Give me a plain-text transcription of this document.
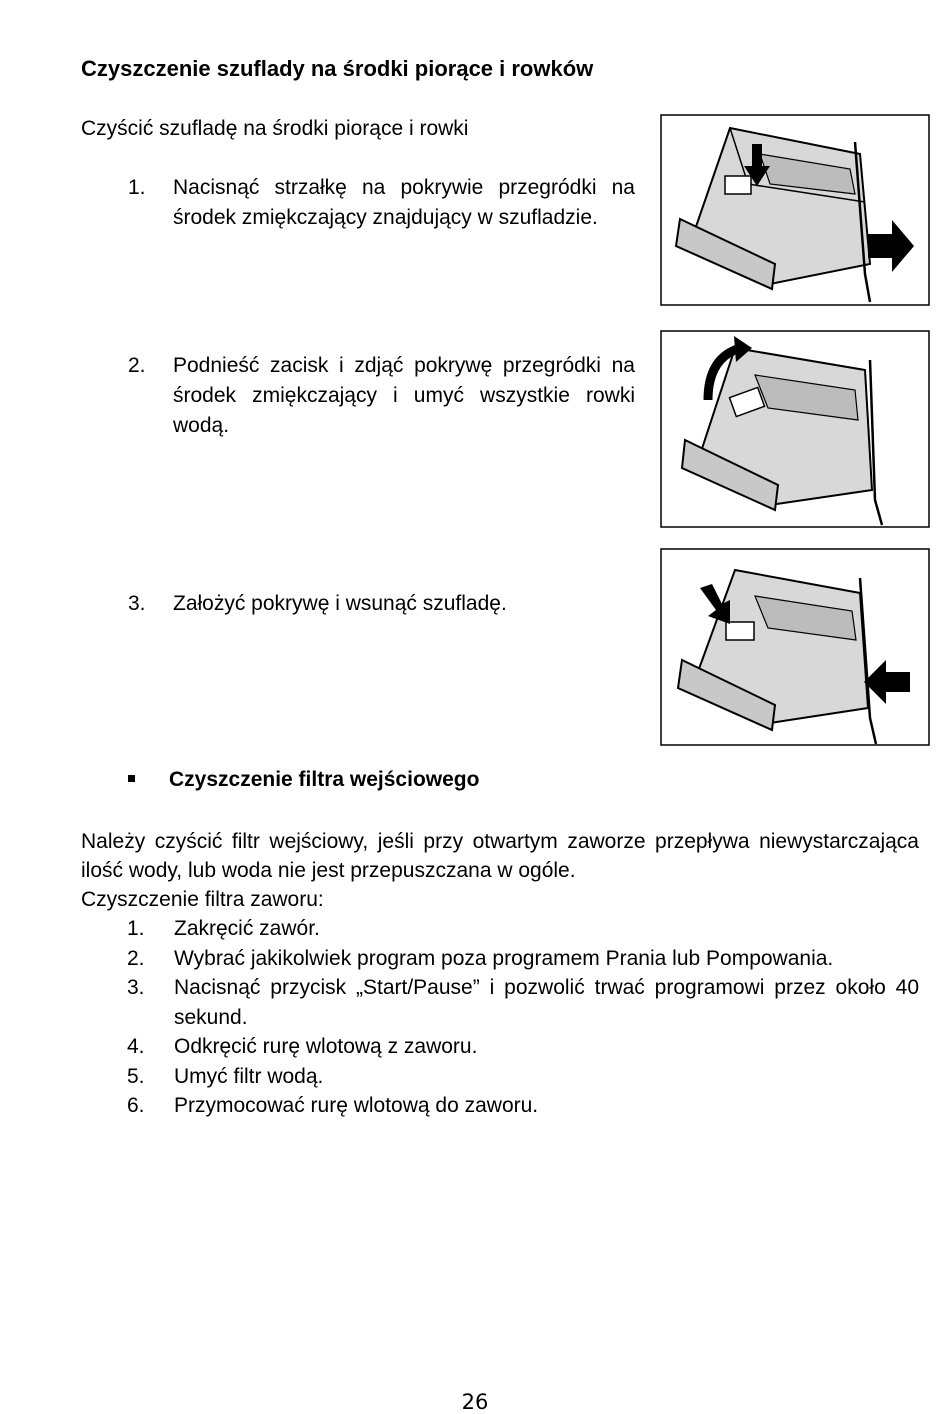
Czyszczenie szuflady na środki piorące i rowków
Czyścić szufladę na środki piorące i rowki
1. Nacisnąć strzałkę na pokrywie przegródki na środek zmiękczający znajdujący w szufladzie.
2. Podnieść zacisk i zdjąć pokrywę przegródki na środek zmiękczający i umyć wszystkie rowki wodą.
3. Założyć pokrywę i wsunąć szufladę.
Czyszczenie filtra wejściowego
Należy czyścić filtr wejściowy, jeśli przy otwartym zaworze przepływa niewystarczająca ilość wody, lub woda nie jest przepuszczana w ogóle.
Czyszczenie filtra zaworu:
1. Zakręcić zawór.
2. Wybrać jakikolwiek program poza programem Prania lub Pompowania.
3. Nacisnąć przycisk „Start/Pause” i pozwolić trwać programowi przez około 40 sekund.
4. Odkręcić rurę wlotową z zaworu.
5. Umyć filtr wodą.
6. Przymocować rurę wlotową do zaworu.
26
